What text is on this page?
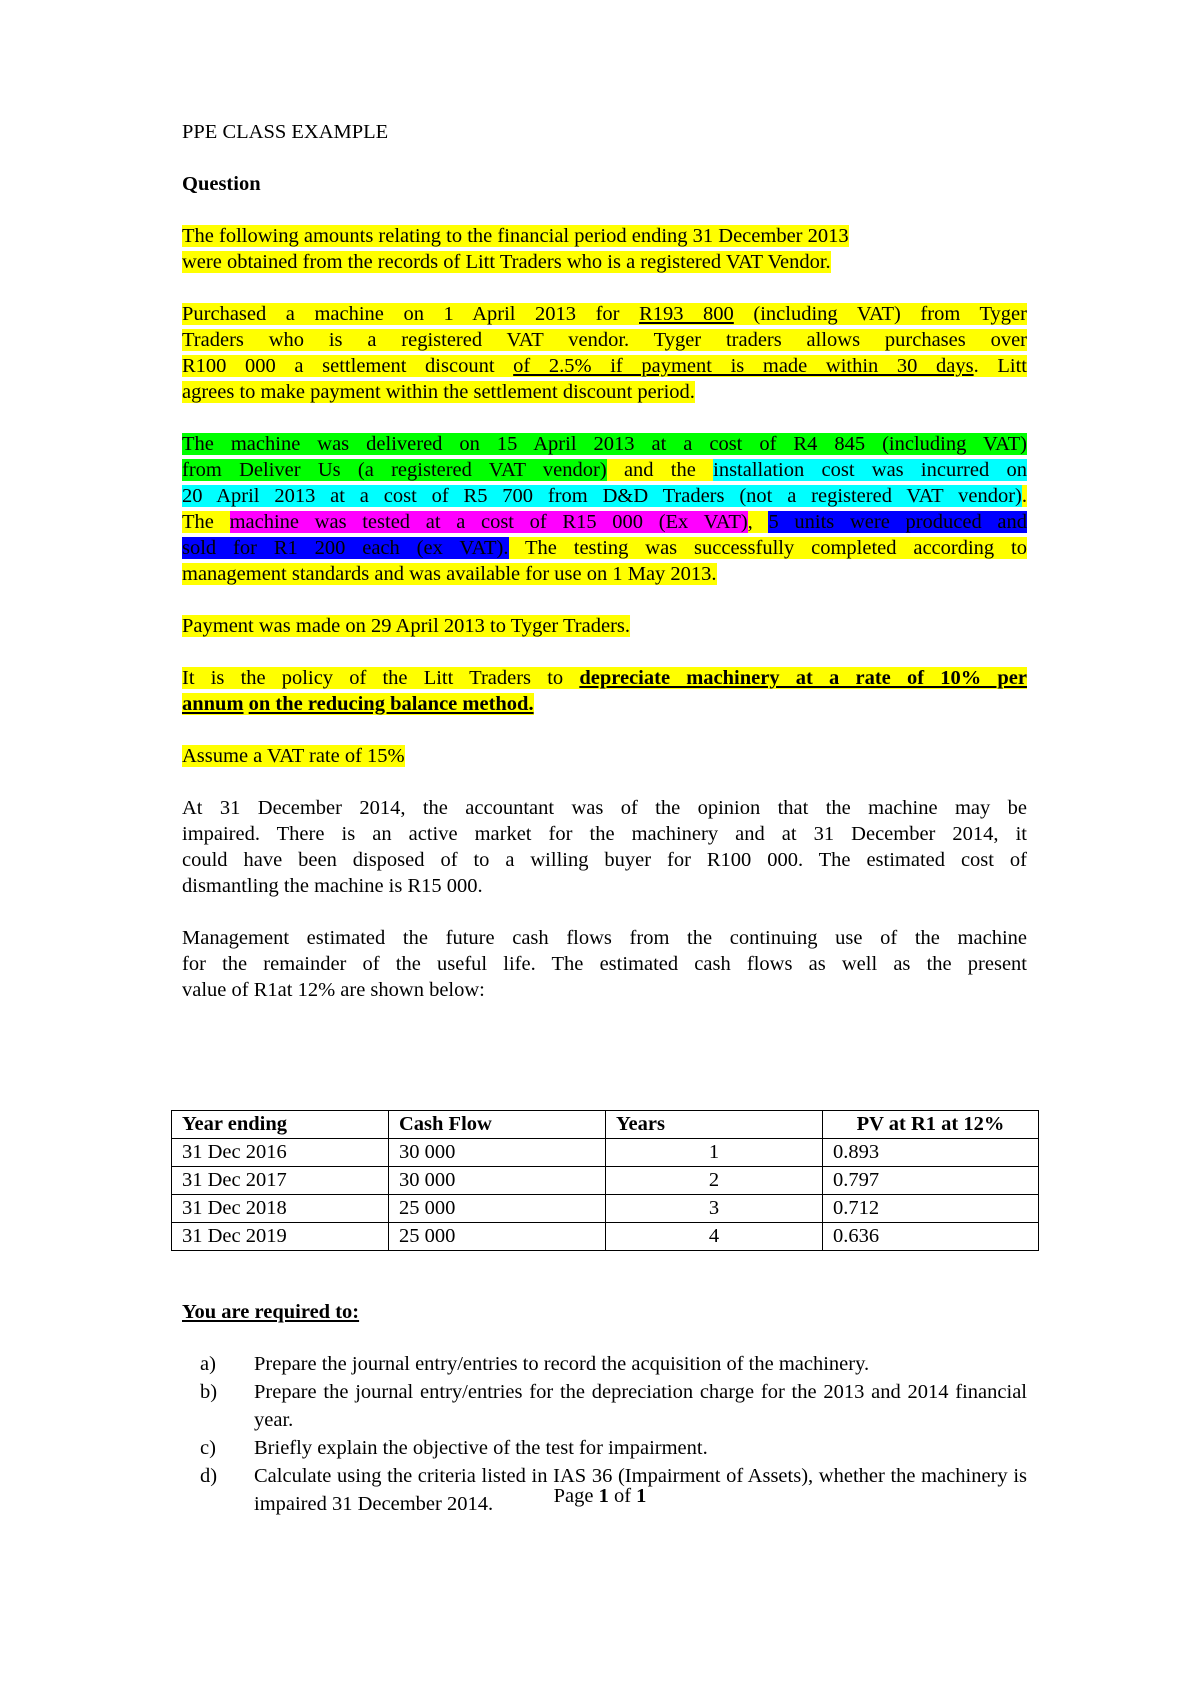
PPE CLASS EXAMPLE
Question
The following amounts relating to the financial period ending 31 December 2013
were obtained from the records of Litt Traders who is a registered VAT Vendor.
Purchased a machine on 1 April 2013 for R193 800 (including VAT) from Tyger
Traders who is a registered VAT vendor. Tyger traders allows purchases over
R100 000 a settlement discount of 2.5% if payment is made within 30 days. Litt
agrees to make payment within the settlement discount period.
The machine was delivered on 15 April 2013 at a cost of R4 845 (including VAT)
from Deliver Us (a registered VAT vendor) and the installation cost was incurred on
20 April 2013 at a cost of R5 700 from D&D Traders (not a registered VAT vendor).
The machine was tested at a cost of R15 000 (Ex VAT), 5 units were produced and
sold for R1 200 each (ex VAT). The testing was successfully completed according to
management standards and was available for use on 1 May 2013.
Payment was made on 29 April 2013 to Tyger Traders.
It is the policy of the Litt Traders to depreciate machinery at a rate of 10% per
annum on the reducing balance method.
Assume a VAT rate of 15%
At 31 December 2014, the accountant was of the opinion that the machine may be
impaired. There is an active market for the machinery and at 31 December 2014, it
could have been disposed of to a willing buyer for R100 000. The estimated cost of
dismantling the machine is R15 000.
Management estimated the future cash flows from the continuing use of the machine
for the remainder of the useful life. The estimated cash flows as well as the present
value of R1at 12% are shown below:
Year ending	Cash Flow	Years	PV at R1 at 12%
31 Dec 2016	30 000	1	0.893
31 Dec 2017	30 000	2	0.797
31 Dec 2018	25 000	3	0.712
31 Dec 2019	25 000	4	0.636
You are required to:
a) Prepare the journal entry/entries to record the acquisition of the machinery.
b) Prepare the journal entry/entries for the depreciation charge for the 2013 and 2014 financial year.
c) Briefly explain the objective of the test for impairment.
d) Calculate using the criteria listed in IAS 36 (Impairment of Assets), whether the machinery is impaired 31 December 2014.	Page 1 of 1
